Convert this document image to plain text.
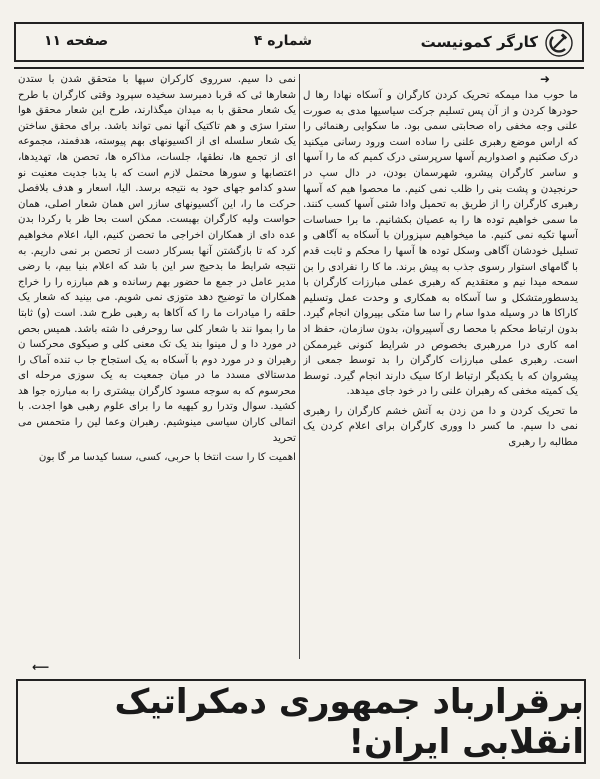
کارگر کمونیست
شماره ۴
صفحه ۱۱
➜

ما حوب مدا میمکه تحریک کردن کارگران و آسکاه نهادا رها ل حودرها کردن و از آن پس تسلیم جرکت سیاسیها مدی به صورت علنی وجه مخفی راه صحابتی سمی بود. ما سکوایی رهنمائی را که اراس موضع رهبری علنی را ساده است ورود رسانی میکنید درک صکتیم و اصدواریم آسها سرپرستی درک کمیم که ما را آسها و ساسر کارگران پیشرو، شهرسمان بودن، در دال سپ در حرنجیدن و پشت بنی را ظلب نمی کنیم. ما محصوا هیم که آسها رهبری کارگران را از طریق به تحمیل وادا شتی آسها کسب کنند. ما سمی خواهیم توده ها را به عصیان بکشانیم. ما برا حساسات آسها تکیه نمی کنیم. ما میخواهیم سپزوران با آسکاه به آگاهی و تسلیل خودشان آگاهی وسکل توده ها آسها را محکم و ثابت قدم با گامهای استوار رسوی جذب به پیش برند. ما کا را نفرادی را بن سمحه میدا نیم و معتقدیم که رهبری عملی مبارزات کارگران با یدسطورمتشکل و سا آسکاه به همکاری و وحدت عمل وتسلیم کاراکا ها در وسیله مدوا سام را سا سا متکی بپیروان انجام گیرد. بدون ارتباط محکم با محصا ری آسپیروان، بدون سازمان، حفظ اد امه کاری درا مررهبری بخصوص در شرایط کنونی غیرممکن است. رهبری عملی مبارزات کارگران را بد توسط جمعی از پیشروان که با یکدیگر ارتباط ارکا سیک دارند انجام گیرد. توسط یک کمیته مخفی که رهبران علنی را در خود جای میدهد.

ما تحریک کردن و دا من زدن به آتش خشم کارگران را رهبری نمی دا سیم. ما کسر دا ووری کارگران برای اعلام کردن یک مطالبه را رهبری

نمی دا سیم. سرروی کارکران سپها با متحقق شدن با ستدن شعارها ئی که قربا دمبرسد سخیده سپرود وقتی کارگران با طرح یک شعار محقق با به میدان میگذارند، طرح این شعار محقق هوا سترا سژی و هم تاکتیک آنها نمی تواند باشد. برای محقق ساختن یک شعار سلسله ای از اکسیونهای بهم پیوسته، هدفمند، مجموعه ای از تجمع ها، نطقها، جلسات، مذاکره ها، تحصن ها، تهدیدها، اعتصابها و سورها محتمل لازم است که با یدبا جدیت معنیت نو سدو کدامو جهای حود به نتیجه برسد. الیا، اسعار و هدف بلافصل حرکت ما را، این آکسیونهای سازر اس همان شعار اصلی، همان حواست ولیه کارگران بهبست. ممکن است بحا ظر با رکردا بدن عده دای از همکاران اخراجی ما تحصن کنیم، الیا، اعلام مخواهیم کرد که تا بازگشتن آنها بسرکار دست از تحصن بر نمی داریم. به نتیجه شرایط ما بدحیج سر این با شد که اعلام بنیا بیم، با رضی مدیر عامل در جمع ما حضور بهم رسانده و هم مبارزه را را خراج همکاران ما توضیح دهد متوزی نمی شویم. می بینید که شعار یک حلقه را میادرات ما را که آکاها به رهبی طرح شد. است (و) ثابتا ما را بموا نند با شعار کلی سا روحرفی دا شته باشد. همیس بحص در مورد دا و ل مینوا بند یک تک معنی کلی و صیکوی محرکسا ن رهیران و در مورد دوم با آسکاه به یک استجاح جا ب تنده آماک را مدستالای مسدد ما در مبان جمعیت به یک سوزی مرحله ای محرسوم که به سوجه مسود کارگران بیشتری را به مبارزه جوا هد کشید. سوال وتدرا رو کیهیه ما را برای علوم رهبی هوا اجدت. با اتمالی کاران سیاسی مینوشیم. رهبران وعما لین را متحمس می تحرید

اهمیت کا را ست انتخا با حربی، کسی، سسا کیدسا مر گا بون

⟵
برقرارباد جمهوری دمکراتیک انقلابی ایران!
